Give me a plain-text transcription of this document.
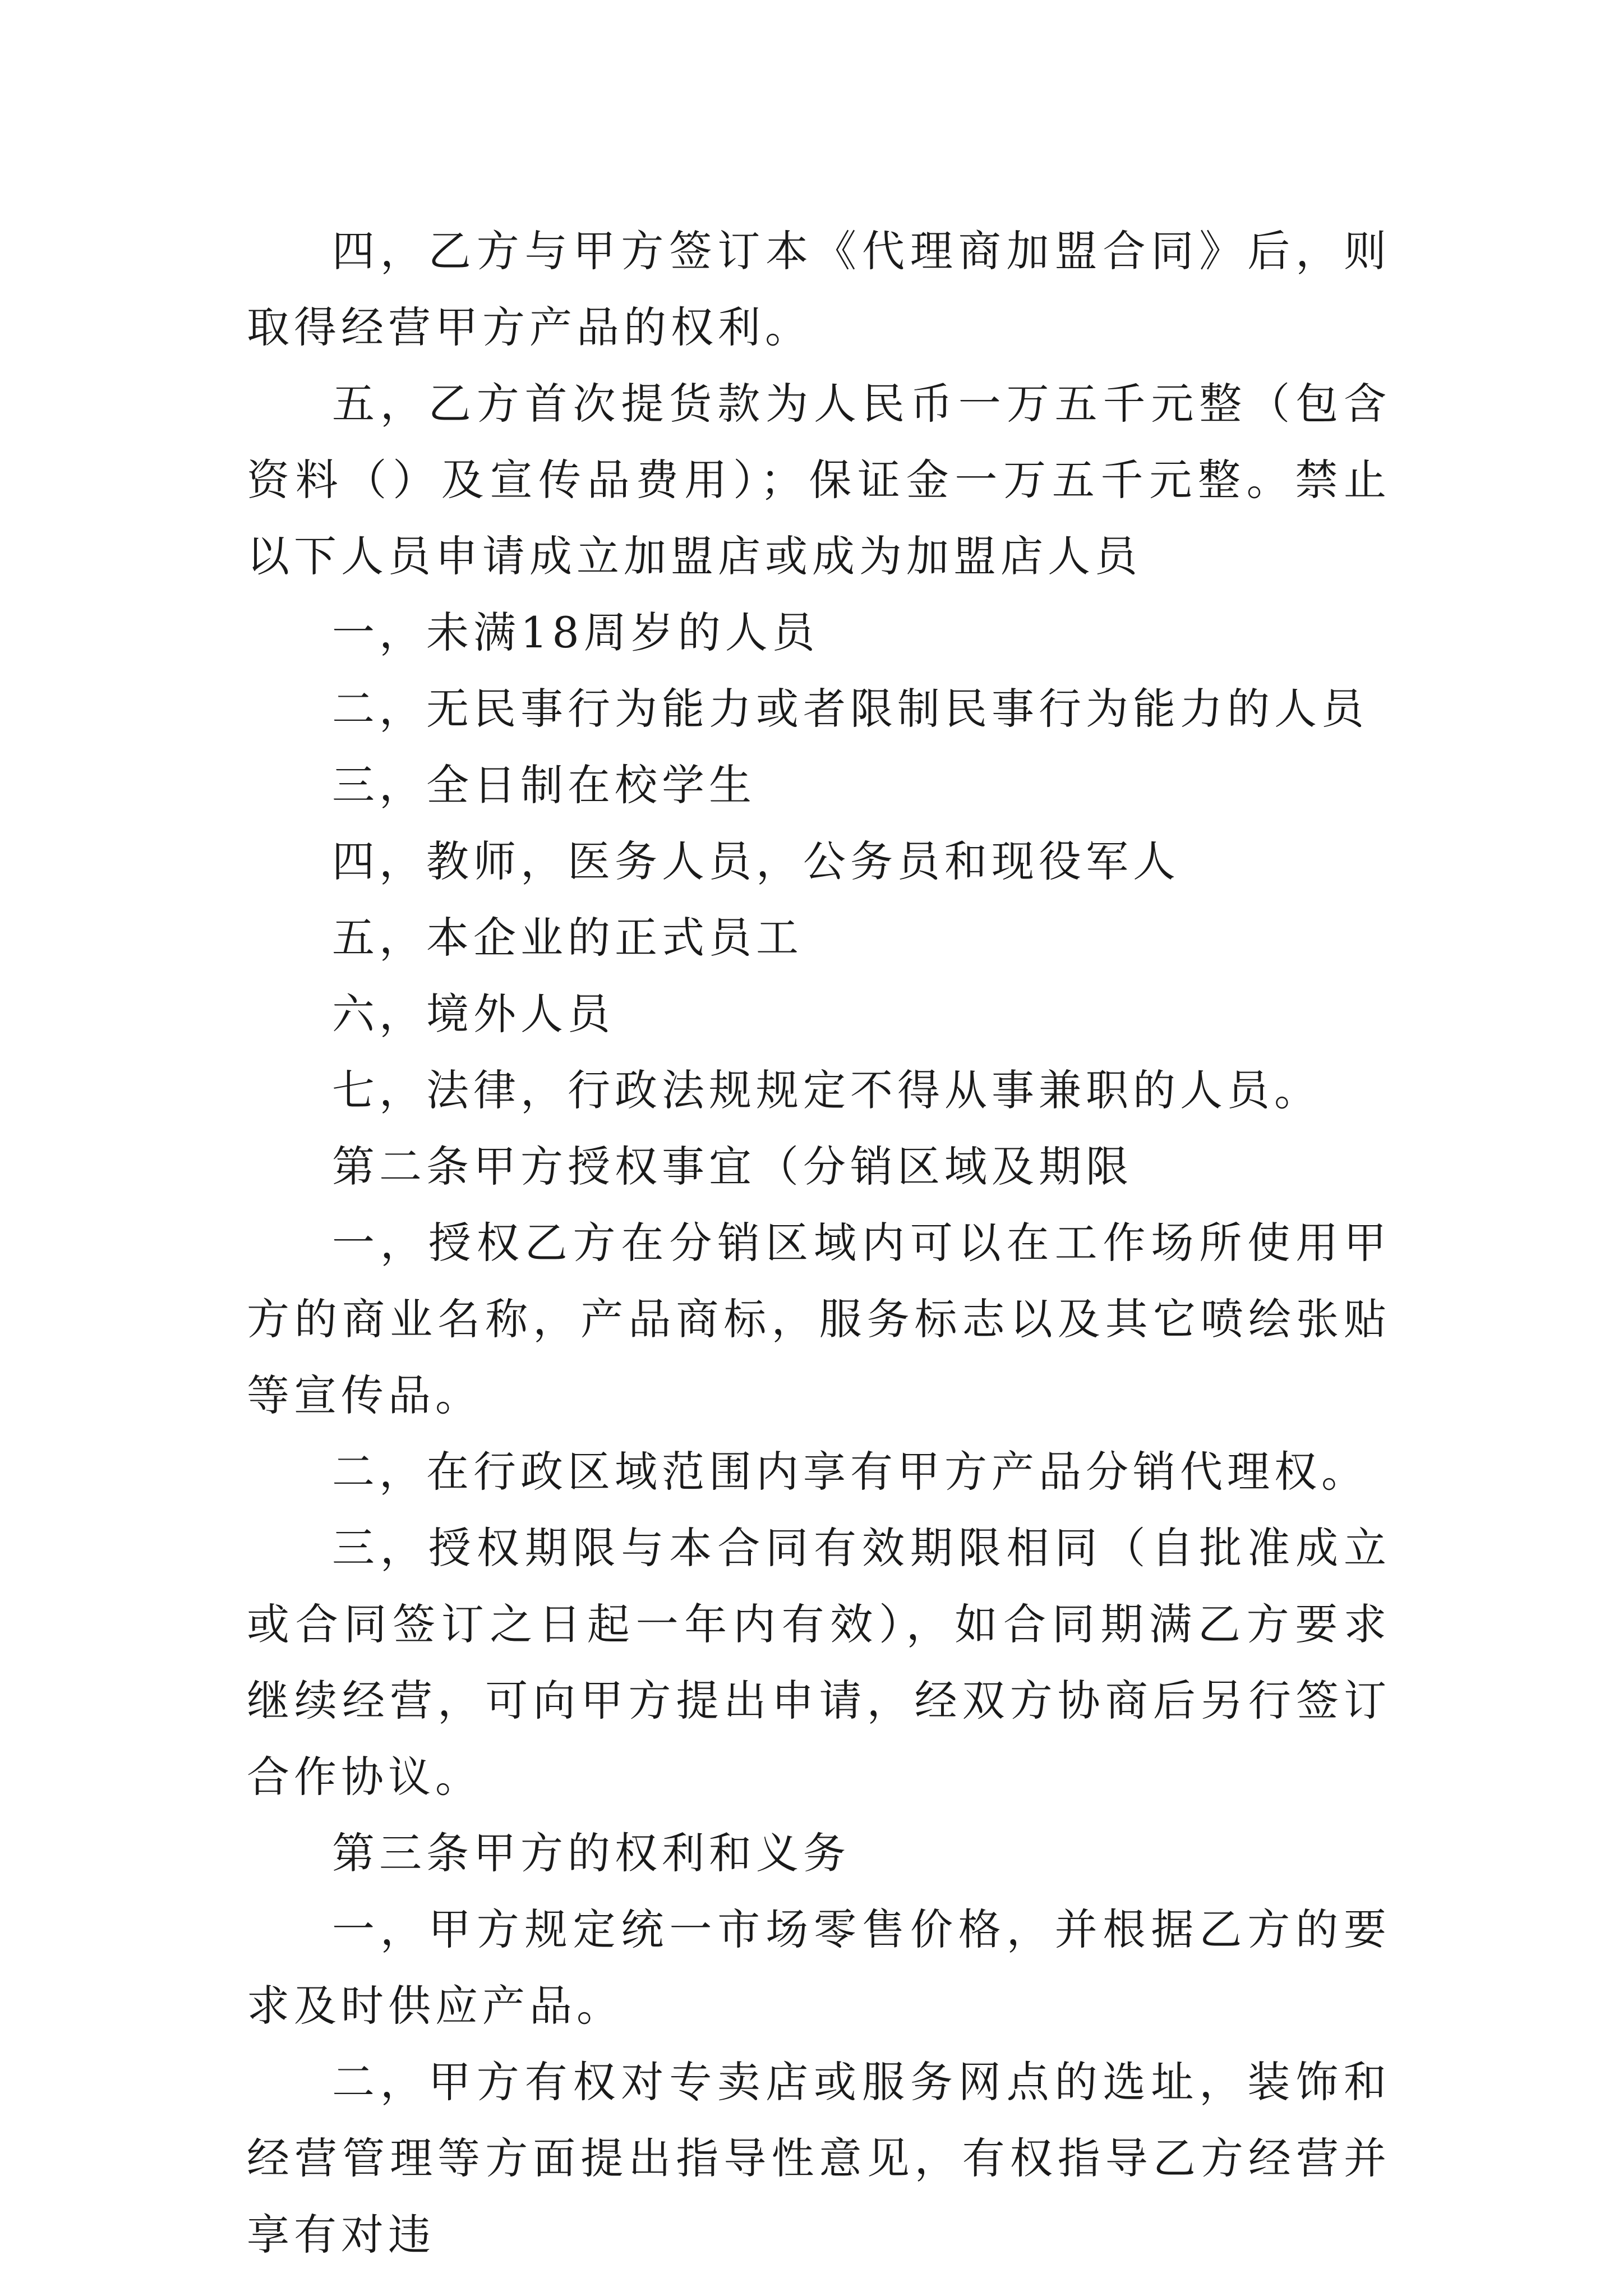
四，乙方与甲方签订本《代理商加盟合同》后，则取得经营甲方产品的权利。

五，乙方首次提货款为人民币一万五千元整（包含资料（）及宣传品费用）；保证金一万五千元整。禁止以下人员申请成立加盟店或成为加盟店人员

一，未满18周岁的人员

二，无民事行为能力或者限制民事行为能力的人员

三，全日制在校学生

四，教师，医务人员，公务员和现役军人

五，本企业的正式员工

六，境外人员

七，法律，行政法规规定不得从事兼职的人员。

第二条甲方授权事宜（分销区域及期限

一，授权乙方在分销区域内可以在工作场所使用甲方的商业名称，产品商标，服务标志以及其它喷绘张贴等宣传品。

二，在行政区域范围内享有甲方产品分销代理权。

三，授权期限与本合同有效期限相同（自批准成立或合同签订之日起一年内有效），如合同期满乙方要求继续经营，可向甲方提出申请，经双方协商后另行签订合作协议。

第三条甲方的权利和义务

一，甲方规定统一市场零售价格，并根据乙方的要求及时供应产品。

二，甲方有权对专卖店或服务网点的选址，装饰和经营管理等方面提出指导性意见，有权指导乙方经营并享有对违
